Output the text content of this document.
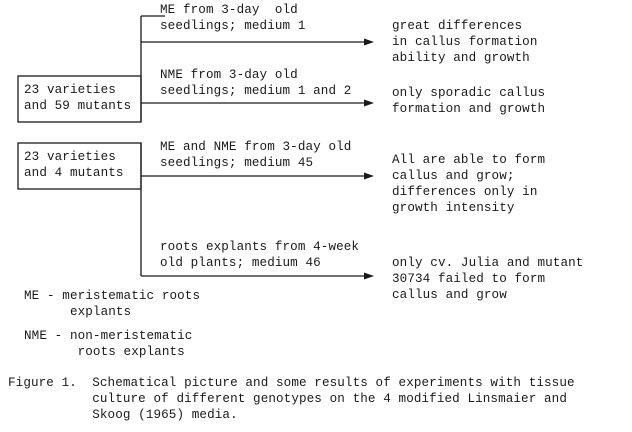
23 varieties
and 59 mutants
23 varieties
and 4 mutants
ME from 3-day  old
seedlings; medium 1
NME from 3-day old
seedlings; medium 1 and 2
ME and NME from 3-day old
seedlings; medium 45
roots explants from 4-week
old plants; medium 46
great differences
in callus formation
ability and growth
only sporadic callus
formation and growth
All are able to form
callus and grow;
differences only in
growth intensity
only cv. Julia and mutant
30734 failed to form
callus and grow
ME - meristematic roots
explants
NME - non-meristematic
roots explants
Figure 1.  Schematical picture and some results of experiments with tissue
culture of different genotypes on the 4 modified Linsmaier and
Skoog (1965) media.
